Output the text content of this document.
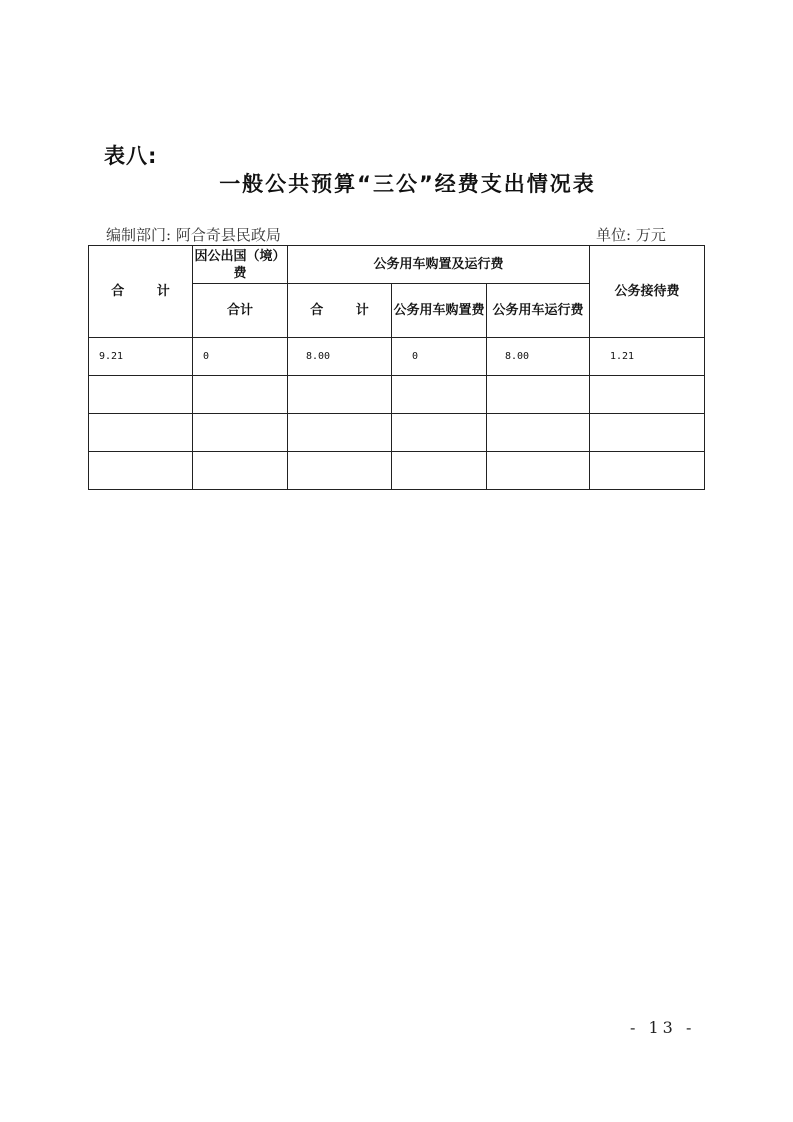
表八:
一般公共预算“三公”经费支出情况表
编制部门: 阿合奇县民政局	单位: 万元
合 计	因公出国（境）费	公务用车购置及运行费			公务接待费
	合计	合 计	公务用车购置费	公务用车运行费	
9.21	0	8.00	0	8.00	1.21

- 13 -
